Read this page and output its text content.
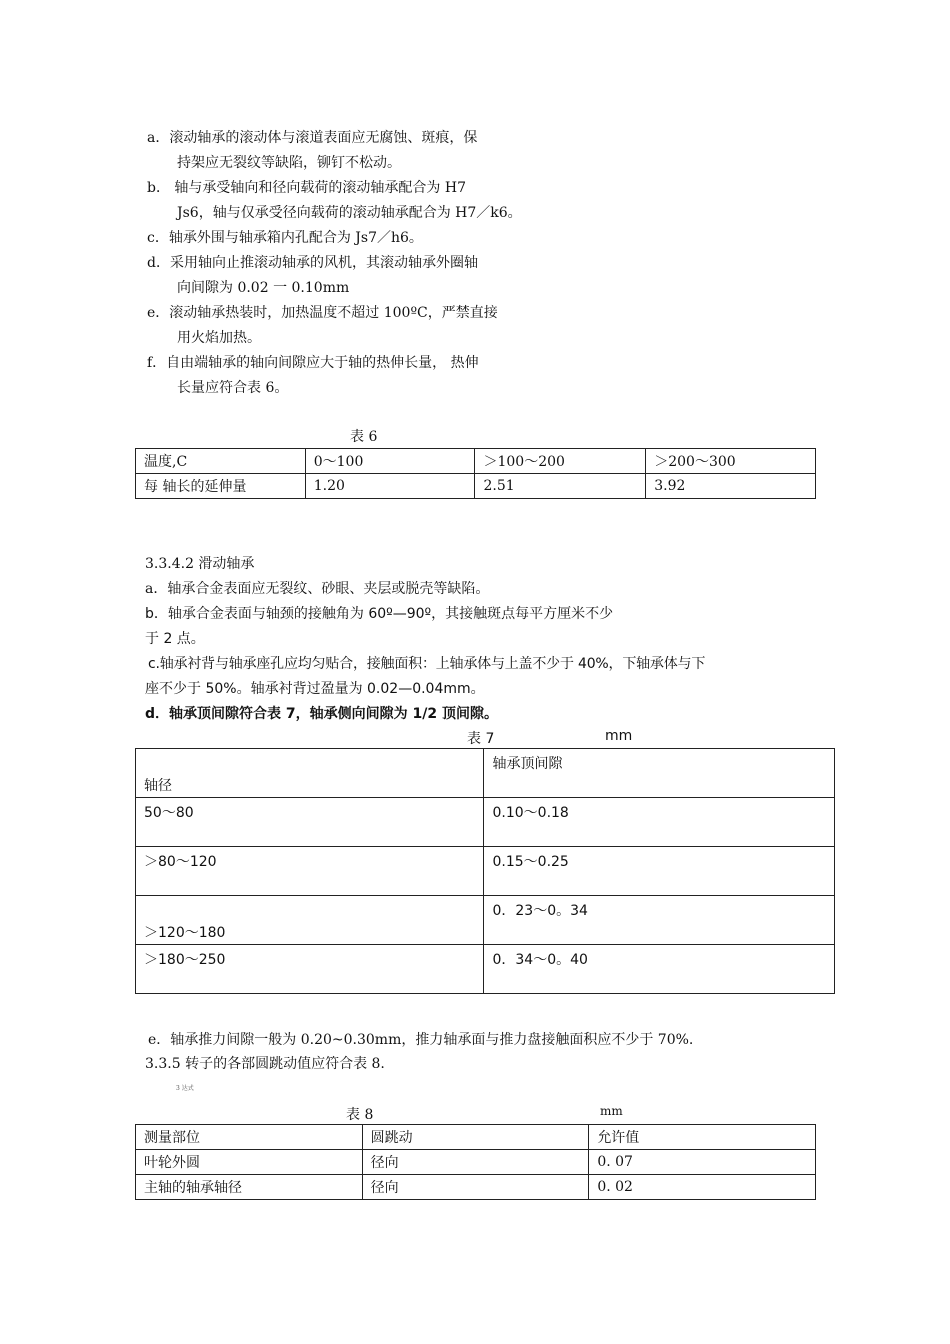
a．滚动轴承的滚动体与滚道表面应无腐蚀、斑痕，保
持架应无裂纹等缺陷，铆钉不松动。
b． 轴与承受轴向和径向载荷的滚动轴承配合为 H7
Js6，轴与仅承受径向载荷的滚动轴承配合为 H7／k6。
c．轴承外围与轴承箱内孔配合为 Js7／h6。
d．采用轴向止推滚动轴承的风机，其滚动轴承外圈轴
向间隙为 0.02 一 0.10mm
e．滚动轴承热装时，加热温度不超过 100ºC，严禁直接
用火焰加热。
f．自由端轴承的轴向间隙应大于轴的热伸长量， 热伸
长量应符合表 6。
表 6
温度,C	0～100	＞100～200	＞200～300
每 轴长的延伸量	1.20	2.51	3.92
3.3.4.2 滑动轴承
a．轴承合金表面应无裂纹、砂眼、夹层或脱壳等缺陷。
b．轴承合金表面与轴颈的接触角为 60º—90º，其接触斑点每平方厘米不少
于 2 点。
c.轴承衬背与轴承座孔应均匀贴合，接触面积：上轴承体与上盖不少于 40%，下轴承体与下
座不少于 50%。轴承衬背过盈量为 0.02—0.04mm。
d．轴承顶间隙符合表 7，轴承侧向间隙为 1/2 顶间隙。
表 7	mm
轴径	轴承顶间隙
50～80	0.10～0.18
＞80～120	0.15～0.25
＞120～180	0．23～0。34
＞180～250	0．34～0。40
e．轴承推力间隙一般为 0.20~0.30mm，推力轴承面与推力盘接触面积应不少于 70%.
3.3.5 转子的各部圆跳动值应符合表 8.
3 达式
表 8	mm
测量部位	圆跳动	允许值
叶轮外圆	径向	0. 07
主轴的轴承轴径	径向	0. 02
